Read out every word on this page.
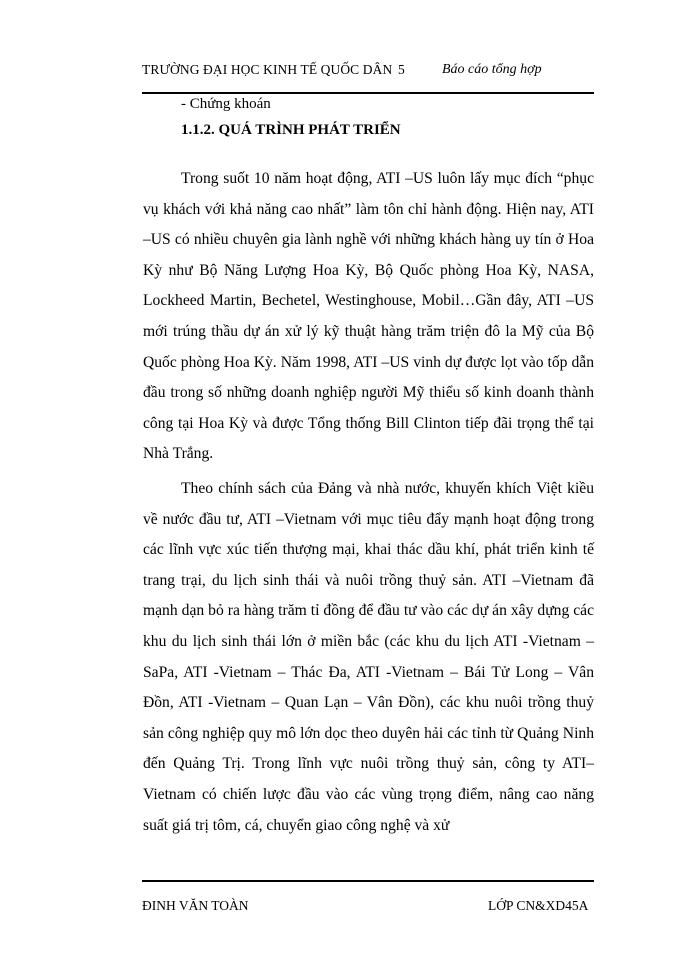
TRƯỜNG ĐẠI HỌC KINH TẾ QUỐC DÂN 5	Báo cáo tổng hợp
- Chứng khoán
1.1.2. QUÁ TRÌNH PHÁT TRIỂN

Trong suốt 10 năm hoạt động, ATI –US luôn lấy mục đích “phục vụ khách với khả năng cao nhất” làm tôn chỉ hành động. Hiện nay, ATI –US có nhiều chuyên gia lành nghề với những khách hàng uy tín ở Hoa Kỳ như Bộ Năng Lượng Hoa Kỳ, Bộ Quốc phòng Hoa Kỳ, NASA, Lockheed Martin, Bechetel, Westinghouse, Mobil…Gần đây, ATI –US mới trúng thầu dự án xử lý kỹ thuật hàng trăm triện đô la Mỹ của Bộ Quốc phòng Hoa Kỳ. Năm 1998, ATI –US vinh dự được lọt vào tốp dẫn đầu trong số những doanh nghiệp người Mỹ thiểu số kinh doanh thành công tại Hoa Kỳ và được Tổng thống Bill Clinton tiếp đãi trọng thể tại Nhà Trắng.

Theo chính sách của Đảng và nhà nước, khuyến khích Việt kiều về nước đầu tư, ATI –Vietnam với mục tiêu đẩy mạnh hoạt động trong các lĩnh vực xúc tiến thượng mại, khai thác dầu khí, phát triển kinh tế trang trại, du lịch sinh thái và nuôi trồng thuỷ sản. ATI –Vietnam đã mạnh dạn bỏ ra hàng trăm tỉ đồng để đầu tư vào các dự án xây dựng các khu du lịch sinh thái lớn ở miền bắc (các khu du lịch ATI -Vietnam – SaPa, ATI -Vietnam – Thác Đa, ATI -Vietnam – Bái Tử Long – Vân Đồn, ATI -Vietnam – Quan Lạn – Vân Đồn), các khu nuôi trồng thuỷ sản công nghiệp quy mô lớn dọc theo duyên hải các tỉnh từ Quảng Ninh đến Quảng Trị. Trong lĩnh vực nuôi trồng thuỷ sản, công ty ATI–Vietnam có chiến lược đầu vào các vùng trọng điểm, nâng cao năng suất giá trị tôm, cá, chuyển giao công nghệ và xử

ĐINH VĂN TOÀN	LỚP CN&XD45A
